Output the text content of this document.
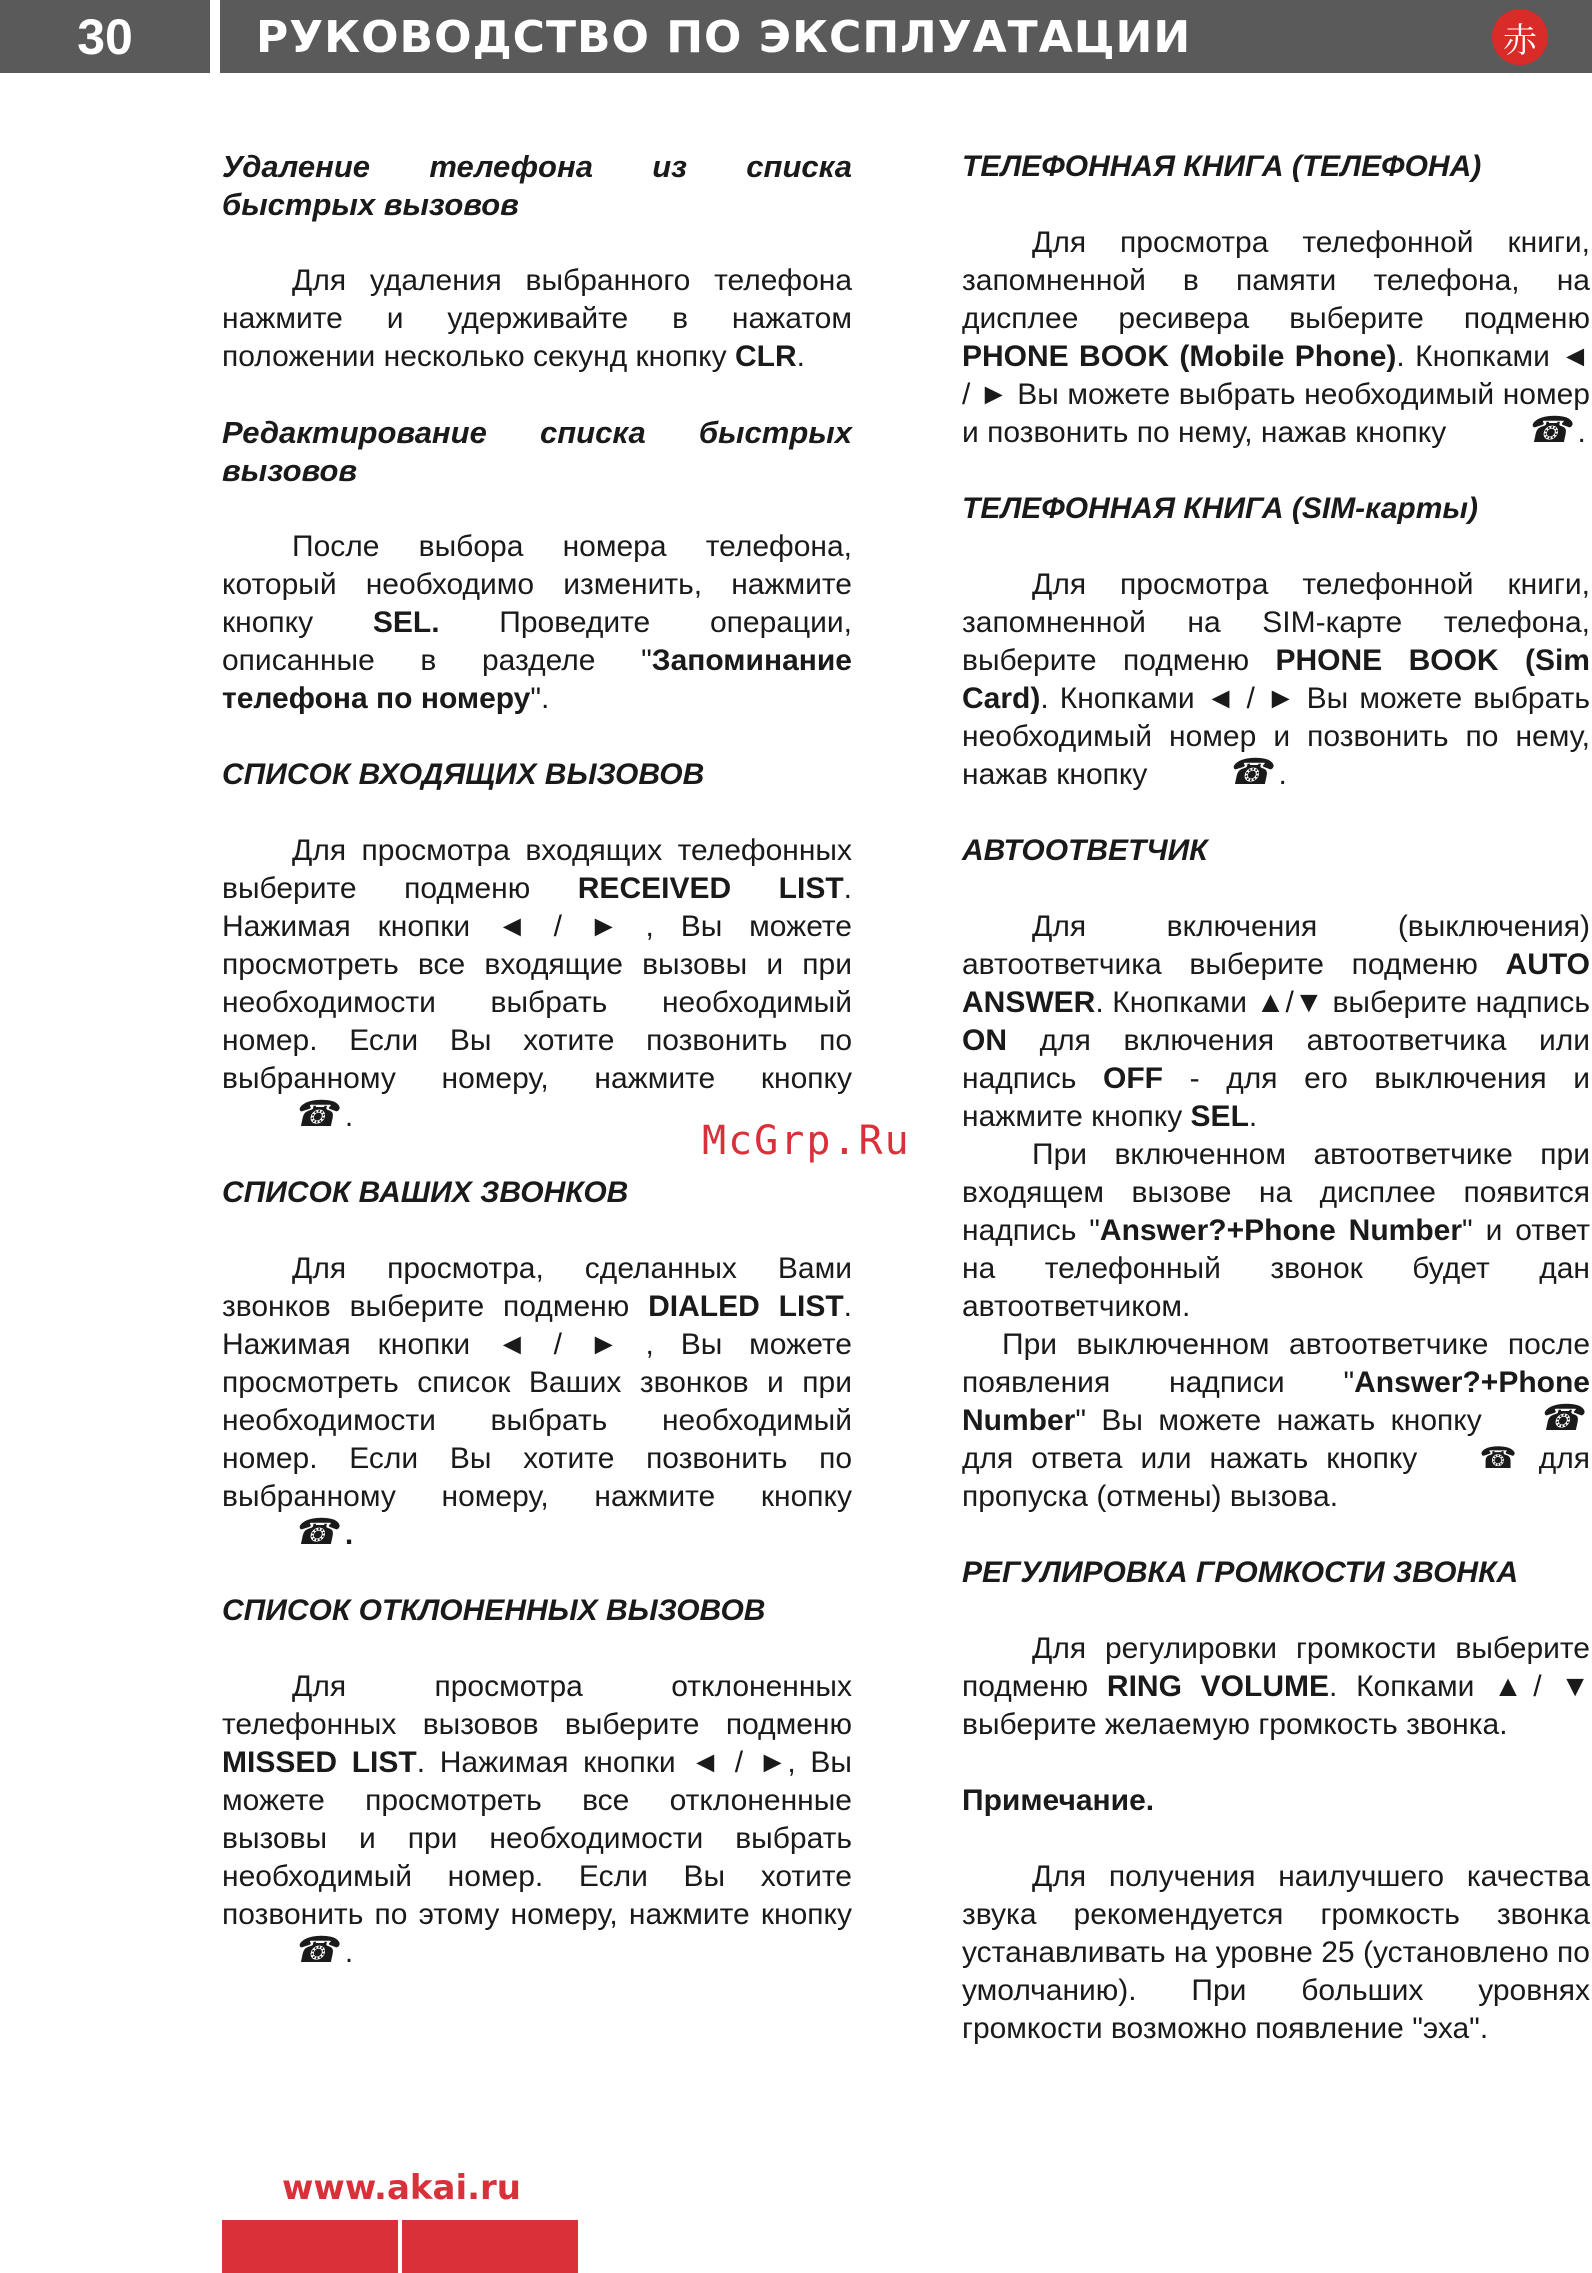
30	РУКОВОДСТВО ПО ЭКСПЛУАТАЦИИ	赤

Удаление телефона из списка быстрых вызовов

Для удаления выбранного телефона нажмите и удерживайте в нажатом положении несколько секунд кнопку CLR.

Редактирование списка быстрых вызовов

После выбора номера телефона, который необходимо изменить, нажмите кнопку SEL. Проведите операции, описанные в разделе "Запоминание телефона по номеру".

СПИСОК ВХОДЯЩИХ ВЫЗОВОВ

Для просмотра входящих телефонных выберите подменю RECEIVED LIST. Нажимая кнопки ◄ / ► , Вы можете просмотреть все входящие вызовы и при необходимости выбрать необходимый номер. Если Вы хотите позвонить по выбранному номеру, нажмите кнопку ☎.

СПИСОК ВАШИХ ЗВОНКОВ

Для просмотра, сделанных Вами звонков выберите подменю DIALED LIST. Нажимая кнопки ◄ / ► , Вы можете просмотреть список Ваших звонков и при необходимости выбрать необходимый номер. Если Вы хотите позвонить по выбранному номеру, нажмите кнопку ☎.

СПИСОК ОТКЛОНЕННЫХ ВЫЗОВОВ

Для просмотра отклоненных телефонных вызовов выберите подменю MISSED LIST. Нажимая кнопки ◄ / ►, Вы можете просмотреть все отклоненные вызовы и при необходимости выбрать необходимый номер. Если Вы хотите позвонить по этому номеру, нажмите кнопку ☎.

ТЕЛЕФОННАЯ КНИГА (ТЕЛЕФОНА)

Для просмотра телефонной книги, запомненной в памяти телефона, на дисплее ресивера выберите подменю PHONE BOOK (Mobile Phone). Кнопками ◄ / ► Вы можете выбрать необходимый номер и позвонить по нему, нажав кнопку ☎.

ТЕЛЕФОННАЯ КНИГА (SIM-карты)

Для просмотра телефонной книги, запомненной на SIM-карте телефона, выберите подменю PHONE BOOK (Sim Card). Кнопками ◄ / ► Вы можете выбрать необходимый номер и позвонить по нему, нажав кнопку ☎.

АВТООТВЕТЧИК

Для включения (выключения) автоответчика выберите подменю AUTO ANSWER. Кнопками ▲/▼ выберите надпись ON для включения автоответчика или надпись OFF - для его выключения и нажмите кнопку SEL.

При включенном автоответчике при входящем вызове на дисплее появится надпись "Answer?+Phone Number" и ответ на телефонный звонок будет дан автоответчиком.

При выключенном автоответчике после появления надписи "Answer?+Phone Number" Вы можете нажать кнопку ☎ для ответа или нажать кнопку ☎ для пропуска (отмены) вызова.

РЕГУЛИРОВКА ГРОМКОСТИ ЗВОНКА

Для регулировки громкости выберите подменю RING VOLUME. Копками ▲/ ▼ выберите желаемую громкость звонка.

Примечание.

Для получения наилучшего качества звука рекомендуется громкость звонка устанавливать на уровне 25 (установлено по умолчанию). При больших уровнях громкости возможно появление "эха".

McGrp.Ru
www.akai.ru
